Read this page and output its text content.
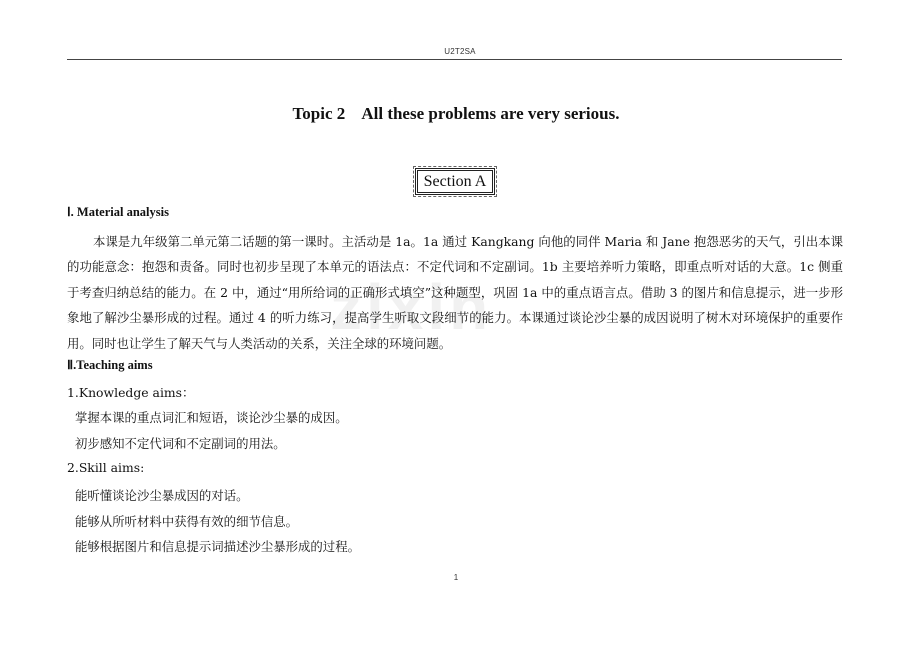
U2T2SA
zixin
Topic 2    All these problems are very serious.
Section A
Ⅰ. Material analysis

本课是九年级第二单元第二话题的第一课时。主活动是 1a。1a 通过 Kangkang 向他的同伴 Maria 和 Jane 抱怨恶劣的天气，引出本课的功能意念：抱怨和责备。同时也初步呈现了本单元的语法点：不定代词和不定副词。1b 主要培养听力策略，即重点听对话的大意。1c 侧重于考查归纳总结的能力。在 2 中，通过“用所给词的正确形式填空”这种题型，巩固 1a 中的重点语言点。借助 3 的图片和信息提示，进一步形象地了解沙尘暴形成的过程。通过 4 的听力练习，提高学生听取文段细节的能力。本课通过谈论沙尘暴的成因说明了树木对环境保护的重要作用。同时也让学生了解天气与人类活动的关系，关注全球的环境问题。

Ⅱ.Teaching aims
1.Knowledge aims：
掌握本课的重点词汇和短语，谈论沙尘暴的成因。
初步感知不定代词和不定副词的用法。
2.Skill aims:
能听懂谈论沙尘暴成因的对话。
能够从所听材料中获得有效的细节信息。
能够根据图片和信息提示词描述沙尘暴形成的过程。
1
